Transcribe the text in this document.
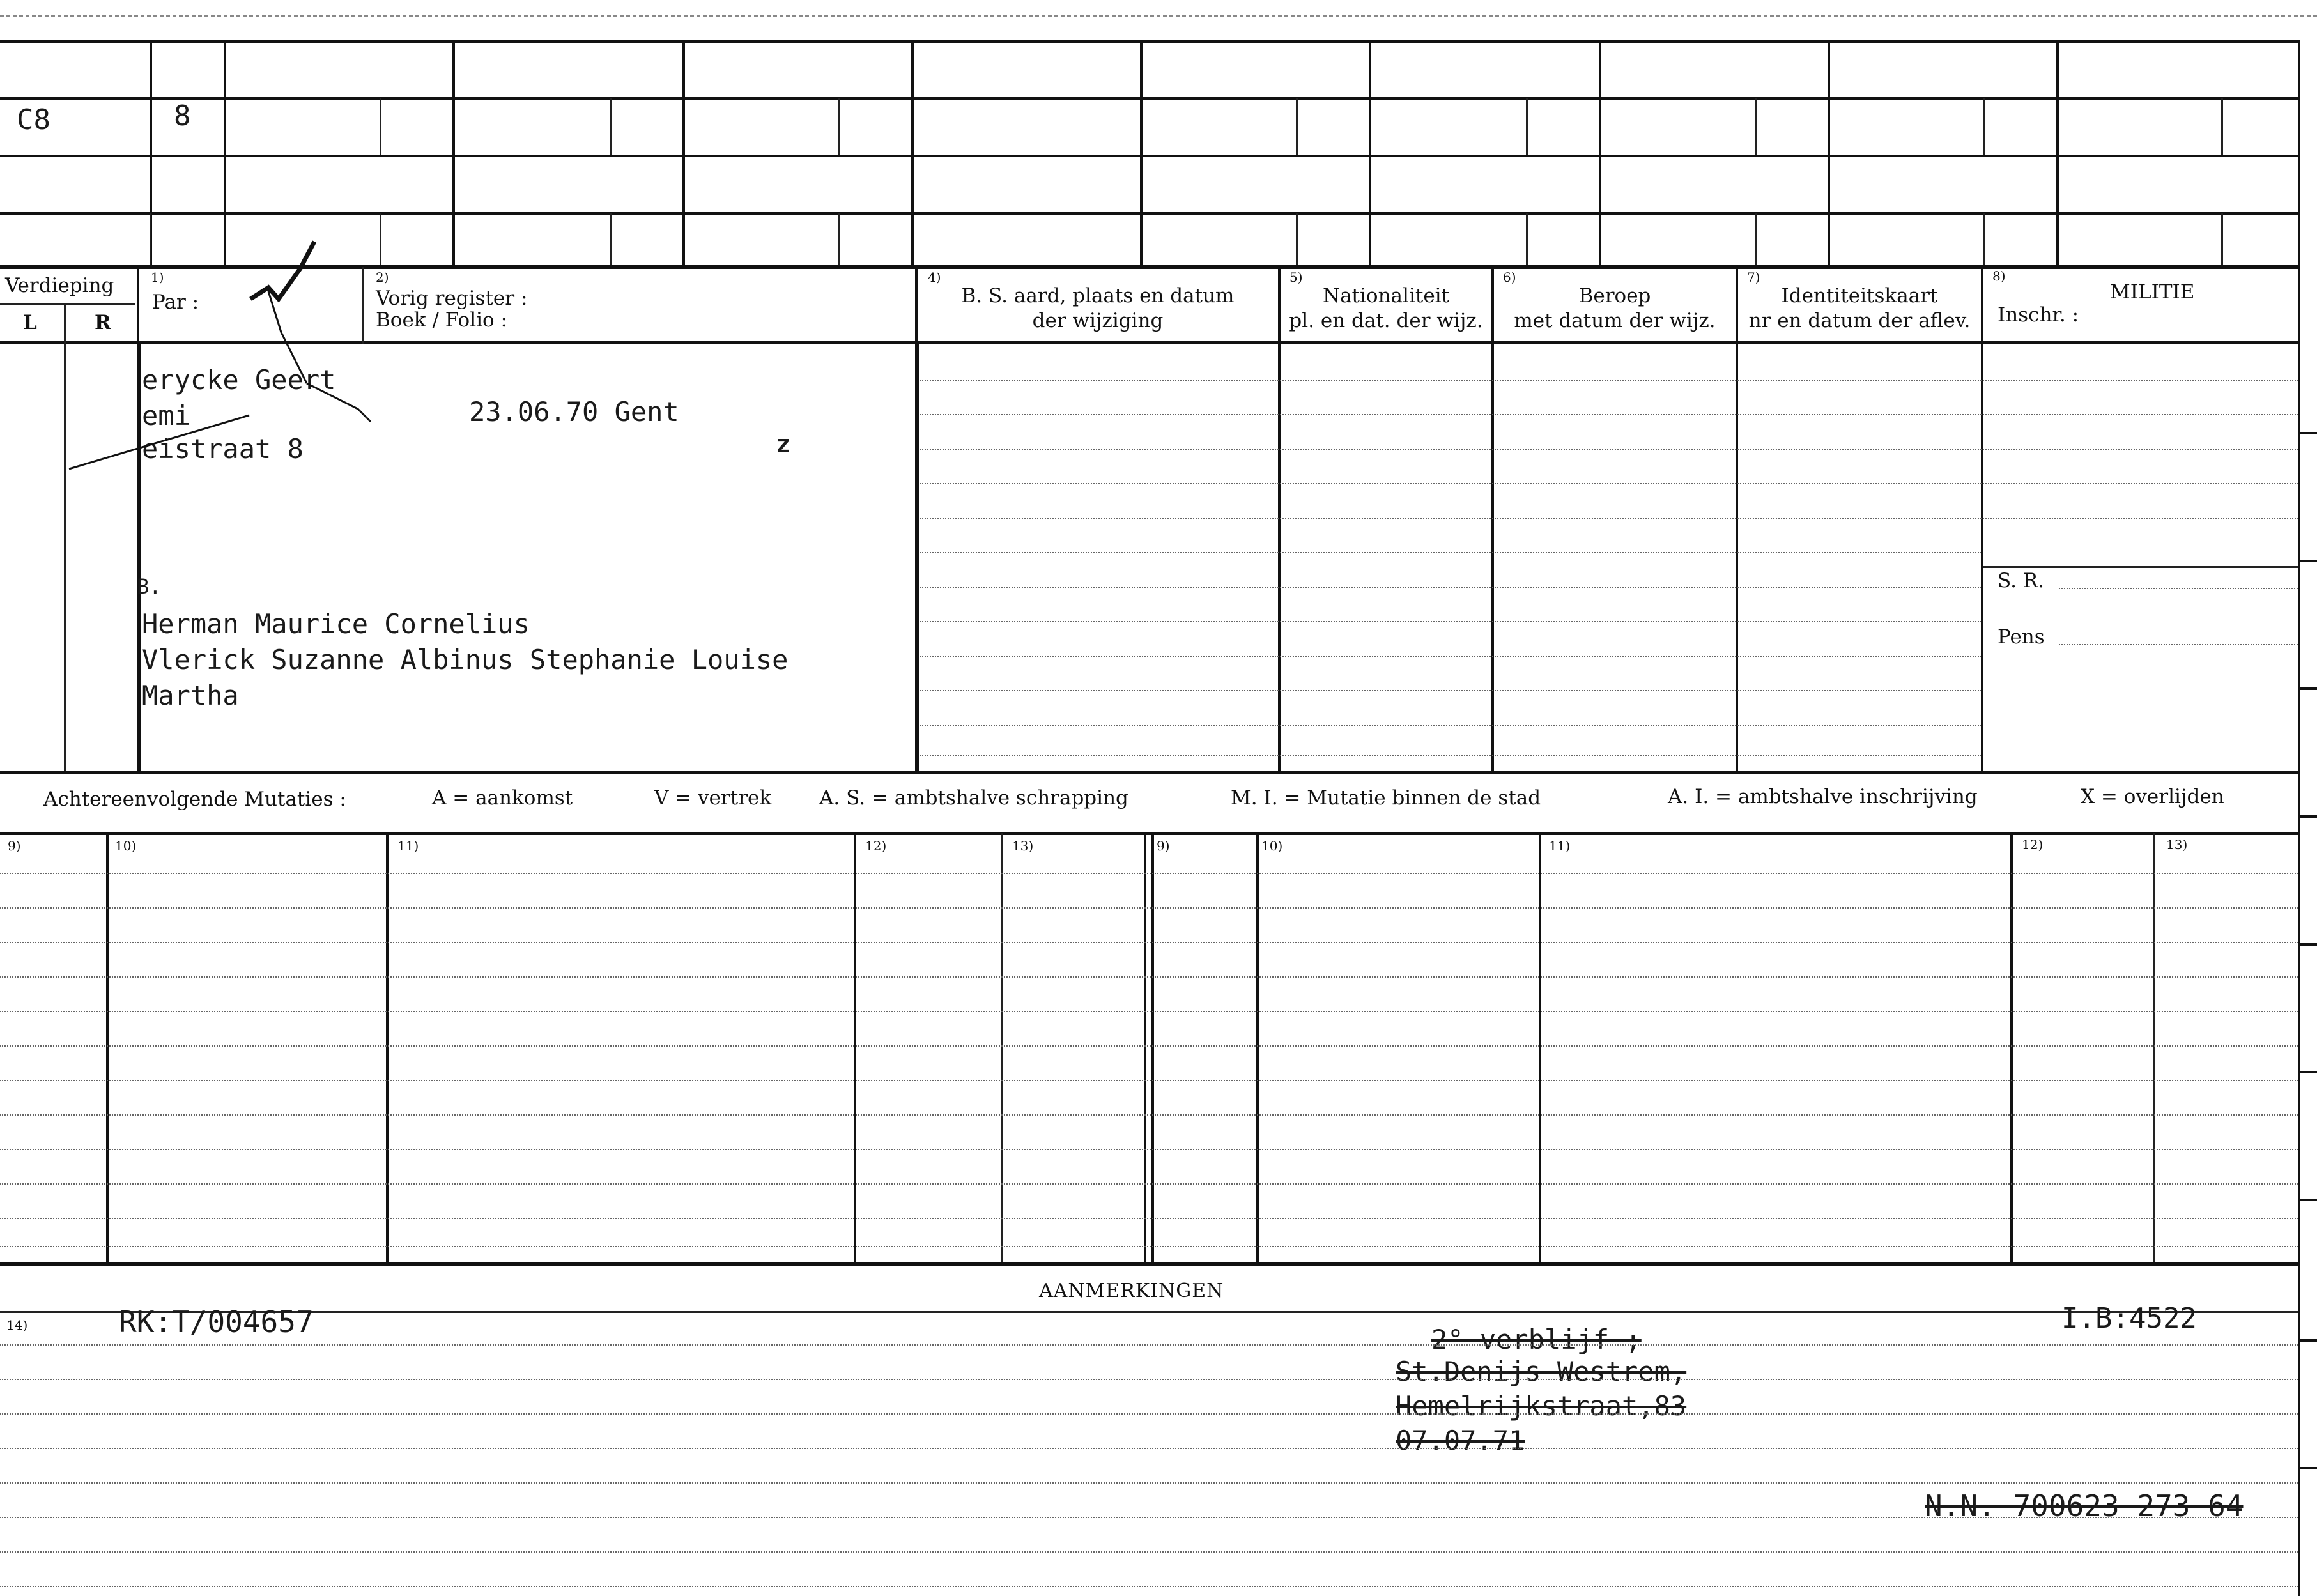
C8	8
Verdieping
L	R
1)
Par :
2)
Vorig register :
Boek / Folio :
4)
B. S. aard, plaats en datum
der wijziging
5)
Nationaliteit
pl. en dat. der wijz.
6)
Beroep
met datum der wijz.
7)
Identiteitskaart
nr en datum der aflev.
8)
MILITIE
Inschr. :
S. R.
Pens
erycke Geert
emi	23.06.70 Gent
eistraat 8	z
B.
Herman Maurice Cornelius
Vlerick Suzanne Albinus Stephanie Louise
Martha
Achtereenvolgende Mutaties :	A = aankomst	V = vertrek A. S. = ambtshalve schrapping	M. I. = Mutatie binnen de stad	A. I. = ambtshalve inschrijving	X = overlijden
9)	10)	11)	12)	13)	9)	10)	11)	12)	13)
AANMERKINGEN
14)	RK:T/004657	I.B:4522
2° verblijf ;
St.Denijs-Westrem,
Hemelrijkstraat,83
07.07.71
N.N. 700623 273 64
